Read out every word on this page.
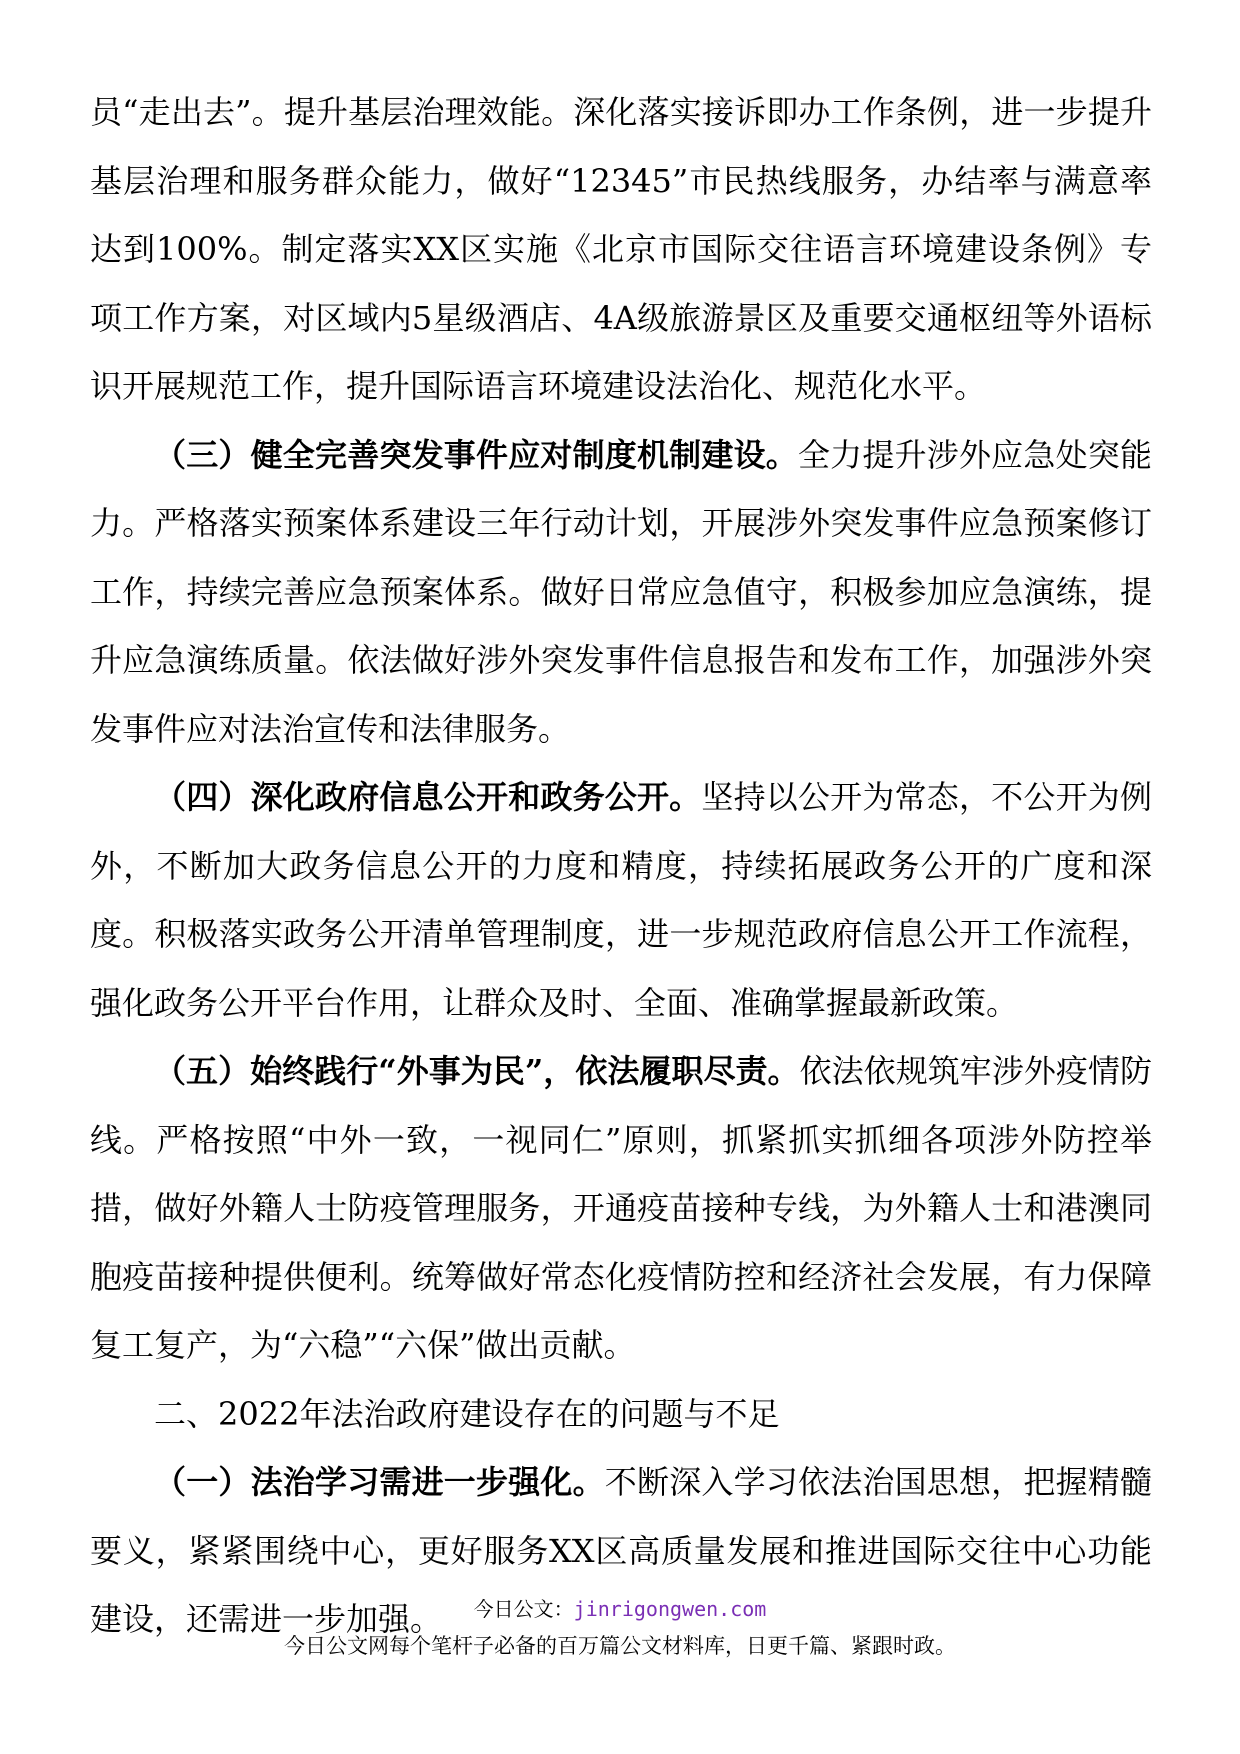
员“走出去”。提升基层治理效能。深化落实接诉即办工作条例，进一步提升基层治理和服务群众能力，做好“12345”市民热线服务，办结率与满意率达到100%。制定落实XX区实施《北京市国际交往语言环境建设条例》专项工作方案，对区域内5星级酒店、4A级旅游景区及重要交通枢纽等外语标识开展规范工作，提升国际语言环境建设法治化、规范化水平。

（三）健全完善突发事件应对制度机制建设。全力提升涉外应急处突能力。严格落实预案体系建设三年行动计划，开展涉外突发事件应急预案修订工作，持续完善应急预案体系。做好日常应急值守，积极参加应急演练，提升应急演练质量。依法做好涉外突发事件信息报告和发布工作，加强涉外突发事件应对法治宣传和法律服务。

（四）深化政府信息公开和政务公开。坚持以公开为常态，不公开为例外，不断加大政务信息公开的力度和精度，持续拓展政务公开的广度和深度。积极落实政务公开清单管理制度，进一步规范政府信息公开工作流程，强化政务公开平台作用，让群众及时、全面、准确掌握最新政策。

（五）始终践行“外事为民”，依法履职尽责。依法依规筑牢涉外疫情防线。严格按照“中外一致，一视同仁”原则，抓紧抓实抓细各项涉外防控举措，做好外籍人士防疫管理服务，开通疫苗接种专线，为外籍人士和港澳同胞疫苗接种提供便利。统筹做好常态化疫情防控和经济社会发展，有力保障复工复产，为“六稳”“六保”做出贡献。

二、2022年法治政府建设存在的问题与不足

（一）法治学习需进一步强化。不断深入学习依法治国思想，把握精髓要义，紧紧围绕中心，更好服务XX区高质量发展和推进国际交往中心功能建设，还需进一步加强。	今日公文：jinrigongwen.com
今日公文网每个笔杆子必备的百万篇公文材料库，日更千篇、紧跟时政。
